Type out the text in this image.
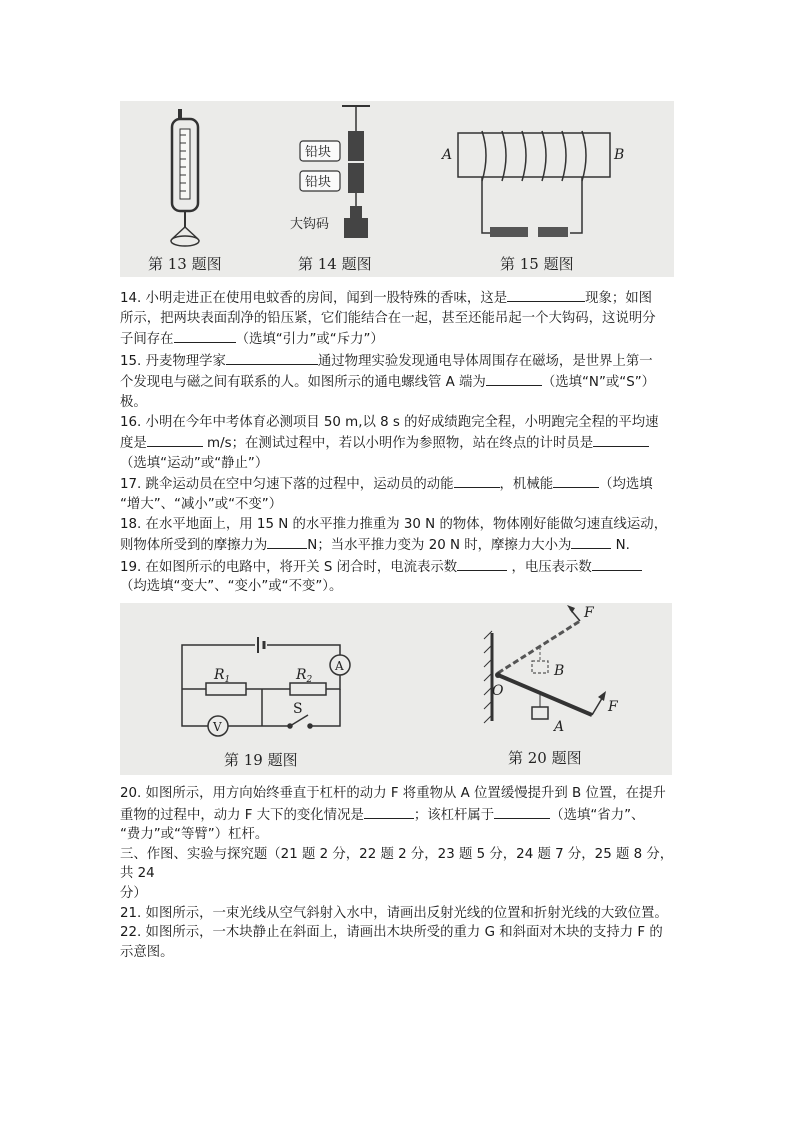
第 13 题图
铅块
铅块
大钩码
第 14 题图
A	B
第 15 题图

14. 小明走进正在使用电蚊香的房间，闻到一股特殊的香味，这是	现象；如图
所示，把两块表面刮净的铅压紧，它们能结合在一起，甚至还能吊起一个大钩码，这说明分
子间存在	（选填“引力”或“斥力”）

15. 丹麦物理学家	通过物理实验发现通电导体周围存在磁场，是世界上第一
个发现电与磁之间有联系的人。如图所示的通电螺线管 A 端为	（选填“N”或“S”）
极。

16. 小明在今年中考体育必测项目 50 m,以 8 s 的好成绩跑完全程，小明跑完全程的平均速
度是	m/s；在测试过程中，若以小明作为参照物，站在终点的计时员是
（选填“运动”或“静止”）

17. 跳伞运动员在空中匀速下落的过程中，运动员的动能	，机械能	（均选填
“增大”、“减小”或“不变”）

18. 在水平地面上，用 15 N 的水平推力推重为 30 N 的物体，物体刚好能做匀速直线运动，
则物体所受到的摩擦力为	N；当水平推力变为 20 N 时，摩擦力大小为	N.

19. 在如图所示的电路中，将开关 S 闭合时，电流表示数	，电压表示数
（均选填“变大”、“变小”或“不变”）。

$R_1$	$R_2$
A
V
S
第 19 题图
F
F
O
A
B
第 20 题图

20. 如图所示，用方向始终垂直于杠杆的动力 F 将重物从 A 位置缓慢提升到 B 位置，在提升
重物的过程中，动力 F 大下的变化情况是	；该杠杆属于	（选填“省力”、
“费力”或“等臂”）杠杆。

三、作图、实验与探究题（21 题 2 分，22 题 2 分，23 题 5 分，24 题 7 分，25 题 8 分，共 24
分）

21. 如图所示，一束光线从空气斜射入水中，请画出反射光线的位置和折射光线的大致位置。

22. 如图所示，一木块静止在斜面上，请画出木块所受的重力 G 和斜面对木块的支持力 F 的
示意图。
